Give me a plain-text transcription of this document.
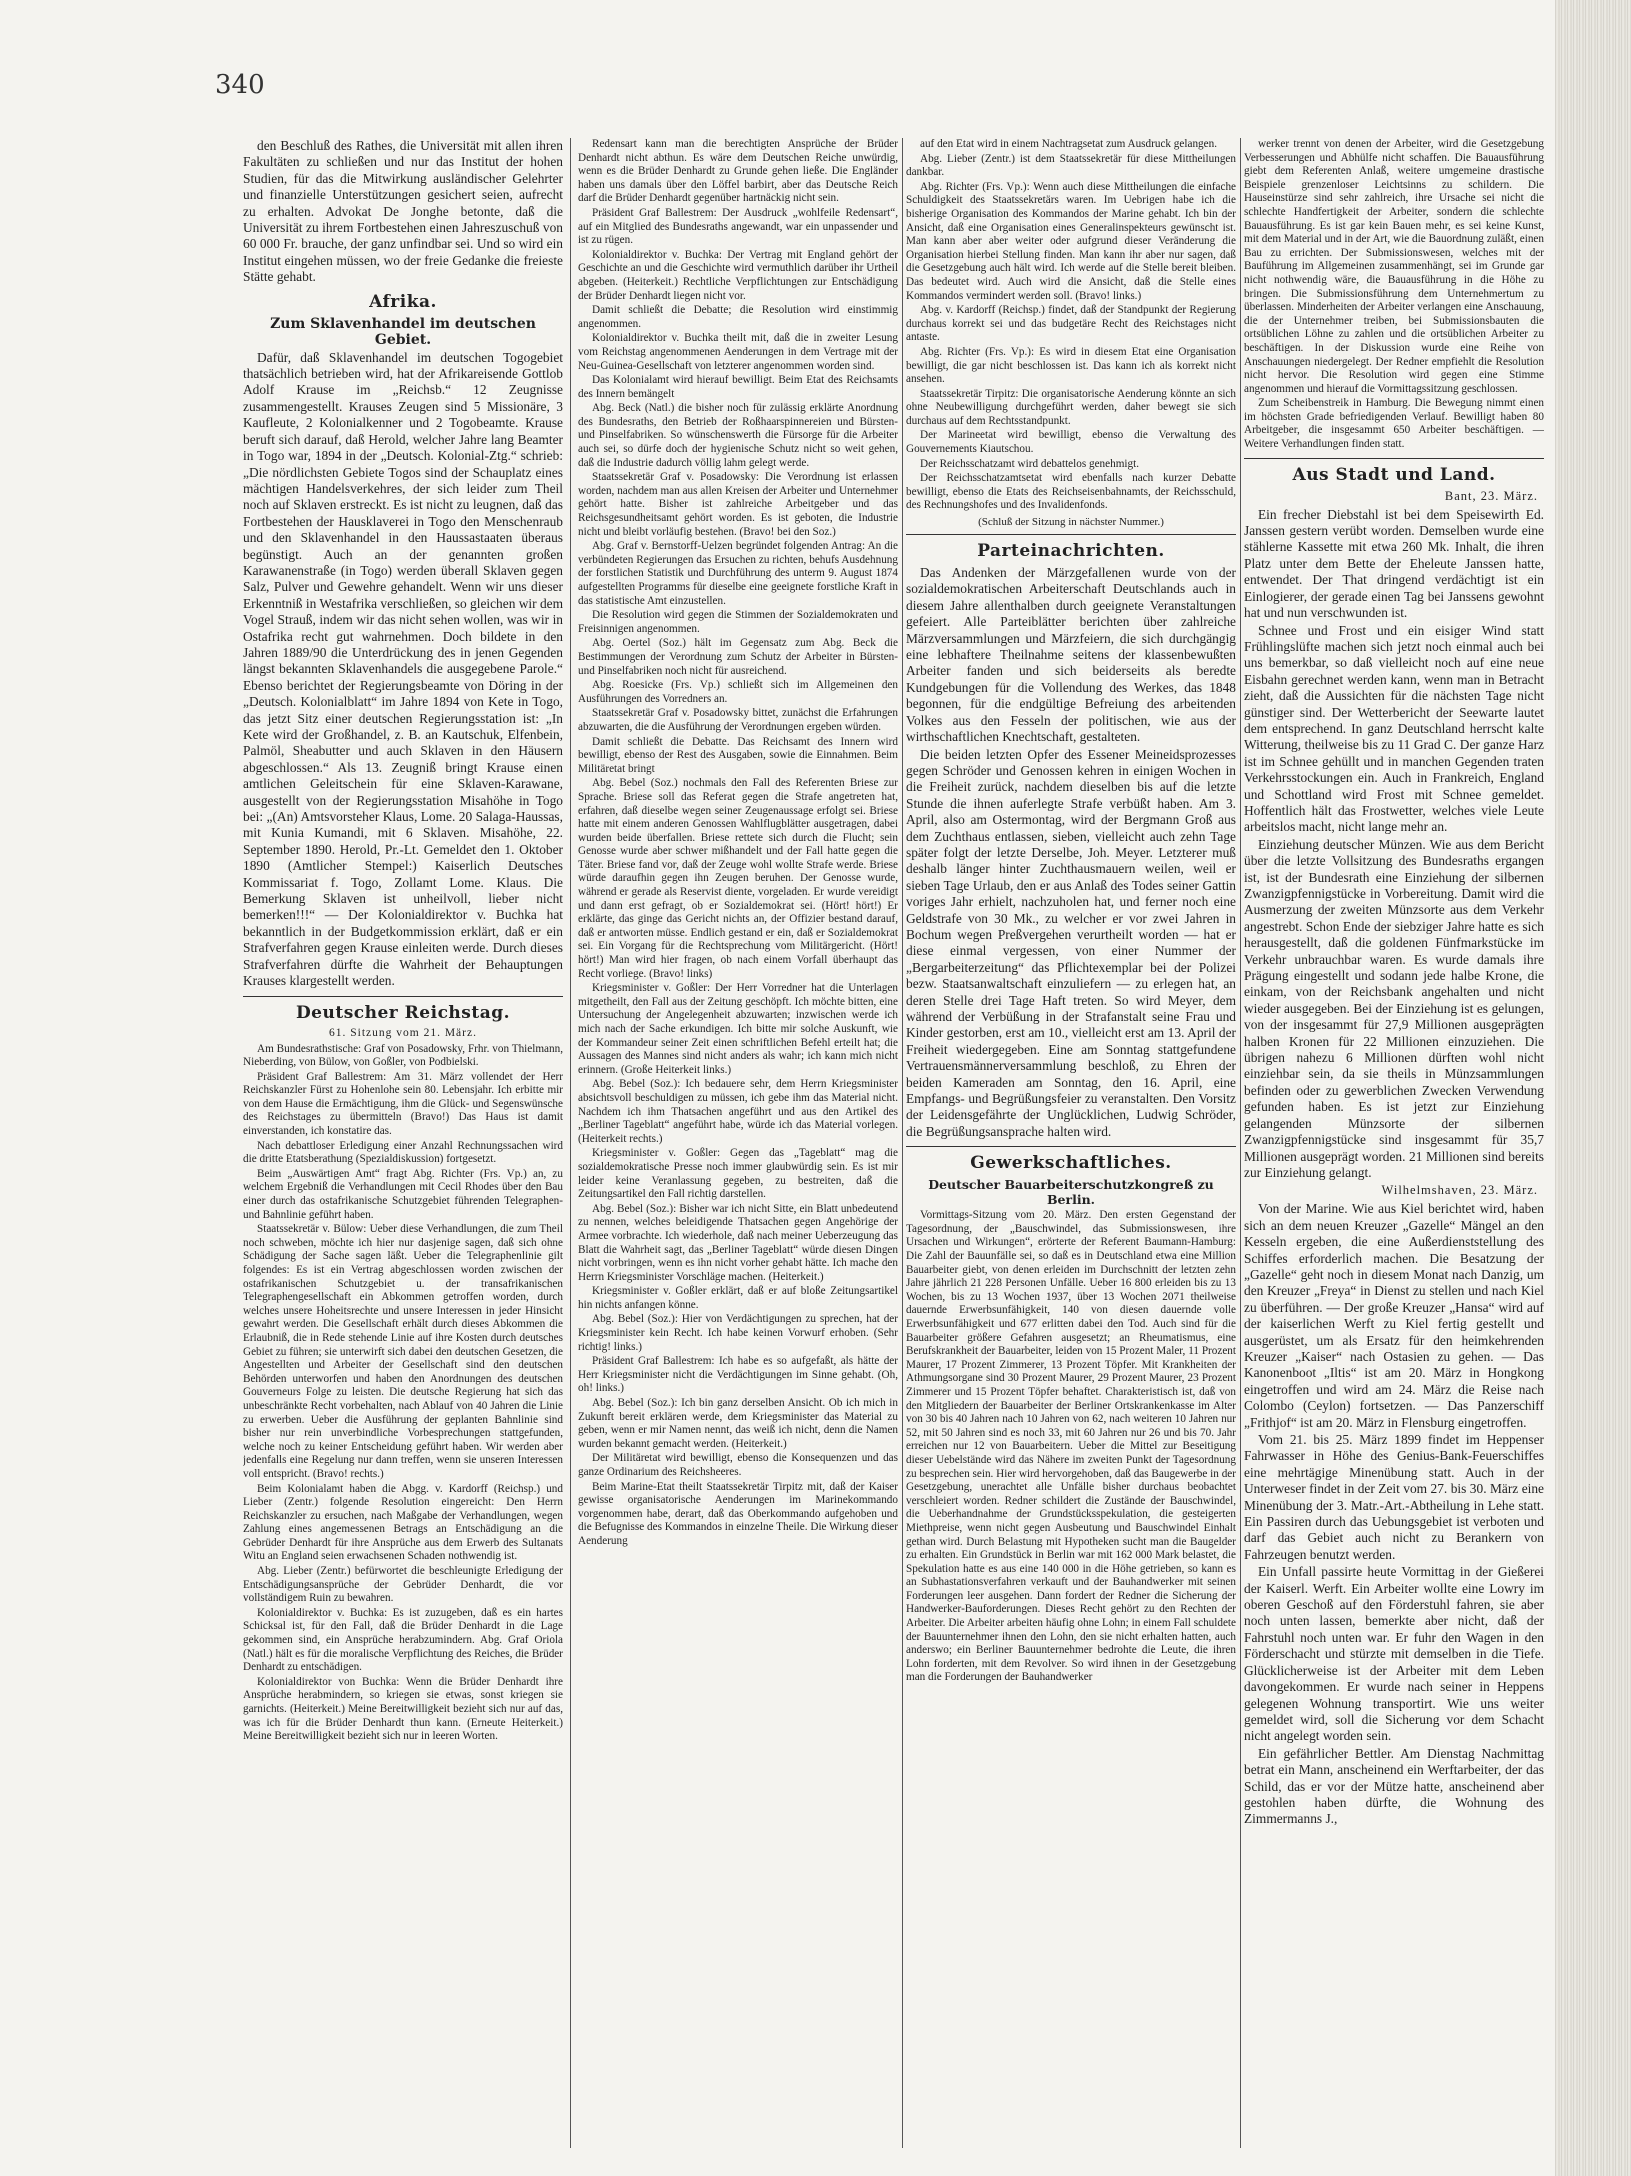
340

den Beschluß des Rathes, die Universität mit allen ihren Fakultäten zu schließen und nur das Institut der hohen Studien, für das die Mitwirkung ausländischer Gelehrter und finanzielle Unterstützungen gesichert seien, aufrecht zu erhalten. Advokat De Jonghe betonte, daß die Universität zu ihrem Fortbestehen einen Jahreszuschuß von 60 000 Fr. brauche, der ganz unfindbar sei. Und so wird ein Institut eingehen müssen, wo der freie Gedanke die freieste Stätte gehabt.

Afrika.
Zum Sklavenhandel im deutschen Gebiet.

Dafür, daß Sklavenhandel im deutschen Togogebiet thatsächlich betrieben wird, hat der Afrikareisende Gottlob Adolf Krause im „Reichsb.“ 12 Zeugnisse zusammengestellt. Krauses Zeugen sind 5 Missionäre, 3 Kaufleute, 2 Kolonialkenner und 2 Togobeamte. Krause beruft sich darauf, daß Herold, welcher Jahre lang Beamter in Togo war, 1894 in der „Deutsch. Kolonial-Ztg.“ schrieb: „Die nördlichsten Gebiete Togos sind der Schauplatz eines mächtigen Handelsverkehres, der sich leider zum Theil noch auf Sklaven erstreckt. Es ist nicht zu leugnen, daß das Fortbestehen der Hausklaverei in Togo den Menschenraub und den Sklavenhandel in den Haussastaaten überaus begünstigt. Auch an der genannten großen Karawanenstraße (in Togo) werden überall Sklaven gegen Salz, Pulver und Gewehre gehandelt. Wenn wir uns dieser Erkenntniß in Westafrika verschließen, so gleichen wir dem Vogel Strauß, indem wir das nicht sehen wollen, was wir in Ostafrika recht gut wahrnehmen. Doch bildete in den Jahren 1889/90 die Unterdrückung des in jenen Gegenden längst bekannten Sklavenhandels die ausgegebene Parole.“ Ebenso berichtet der Regierungsbeamte von Döring in der „Deutsch. Kolonialblatt“ im Jahre 1894 von Kete in Togo, das jetzt Sitz einer deutschen Regierungsstation ist: „In Kete wird der Großhandel, z. B. an Kautschuk, Elfenbein, Palmöl, Sheabutter und auch Sklaven in den Häusern abgeschlossen.“ Als 13. Zeugniß bringt Krause einen amtlichen Geleitschein für eine Sklaven-Karawane, ausgestellt von der Regierungsstation Misahöhe in Togo bei: „(An) Amtsvorsteher Klaus, Lome. 20 Salaga-Haussas, mit Kunia Kumandi, mit 6 Sklaven. Misahöhe, 22. September 1890. Herold, Pr.-Lt. Gemeldet den 1. Oktober 1890 (Amtlicher Stempel:) Kaiserlich Deutsches Kommissariat f. Togo, Zollamt Lome. Klaus. Die Bemerkung Sklaven ist unheilvoll, lieber nicht bemerken!!!“ — Der Kolonialdirektor v. Buchka hat bekanntlich in der Budgetkommission erklärt, daß er ein Strafverfahren gegen Krause einleiten werde. Durch dieses Strafverfahren dürfte die Wahrheit der Behauptungen Krauses klargestellt werden.

Deutscher Reichstag.
61. Sitzung vom 21. März.

Am Bundesrathstische: Graf von Posadowsky, Frhr. von Thielmann, Nieberding, von Bülow, von Goßler, von Podbielski.

Präsident Graf Ballestrem: Am 31. März vollendet der Herr Reichskanzler Fürst zu Hohenlohe sein 80. Lebensjahr. Ich erbitte mir von dem Hause die Ermächtigung, ihm die Glück- und Segenswünsche des Reichstages zu übermitteln (Bravo!) Das Haus ist damit einverstanden, ich konstatire das.

Nach debattloser Erledigung einer Anzahl Rechnungssachen wird die dritte Etatsberathung (Spezialdiskussion) fortgesetzt.

Beim „Auswärtigen Amt“ fragt Abg. Richter (Frs. Vp.) an, zu welchem Ergebniß die Verhandlungen mit Cecil Rhodes über den Bau einer durch das ostafrikanische Schutzgebiet führenden Telegraphen- und Bahnlinie geführt haben.

Staatssekretär v. Bülow: Ueber diese Verhandlungen, die zum Theil noch schweben, möchte ich hier nur dasjenige sagen, daß sich ohne Schädigung der Sache sagen läßt. Ueber die Telegraphenlinie gilt folgendes: Es ist ein Vertrag abgeschlossen worden zwischen der ostafrikanischen Schutzgebiet u. der transafrikanischen Telegraphengesellschaft ein Abkommen getroffen worden, durch welches unsere Hoheitsrechte und unsere Interessen in jeder Hinsicht gewahrt werden. Die Gesellschaft erhält durch dieses Abkommen die Erlaubniß, die in Rede stehende Linie auf ihre Kosten durch deutsches Gebiet zu führen; sie unterwirft sich dabei den deutschen Gesetzen, die Angestellten und Arbeiter der Gesellschaft sind den deutschen Behörden unterworfen und haben den Anordnungen des deutschen Gouverneurs Folge zu leisten. Die deutsche Regierung hat sich das unbeschränkte Recht vorbehalten, nach Ablauf von 40 Jahren die Linie zu erwerben. Ueber die Ausführung der geplanten Bahnlinie sind bisher nur rein unverbindliche Vorbesprechungen stattgefunden, welche noch zu keiner Entscheidung geführt haben. Wir werden aber jedenfalls eine Regelung nur dann treffen, wenn sie unseren Interessen voll entspricht. (Bravo! rechts.)

Beim Kolonialamt haben die Abgg. v. Kardorff (Reichsp.) und Lieber (Zentr.) folgende Resolution eingereicht: Den Herrn Reichskanzler zu ersuchen, nach Maßgabe der Verhandlungen, wegen Zahlung eines angemessenen Betrags an Entschädigung an die Gebrüder Denhardt für ihre Ansprüche aus dem Erwerb des Sultanats Witu an England seien erwachsenen Schaden nothwendig ist.

Abg. Lieber (Zentr.) befürwortet die beschleunigte Erledigung der Entschädigungsansprüche der Gebrüder Denhardt, die vor vollständigem Ruin zu bewahren.

Kolonialdirektor v. Buchka: Es ist zuzugeben, daß es ein hartes Schicksal ist, für den Fall, daß die Brüder Denhardt in die Lage gekommen sind, ein Ansprüche herabzumindern. Abg. Graf Oriola (Natl.) hält es für die moralische Verpflichtung des Reiches, die Brüder Denhardt zu entschädigen.

Kolonialdirektor von Buchka: Wenn die Brüder Denhardt ihre Ansprüche herabmindern, so kriegen sie etwas, sonst kriegen sie garnichts. (Heiterkeit.) Meine Bereitwilligkeit bezieht sich nur auf das, was ich für die Brüder Denhardt thun kann. (Erneute Heiterkeit.) Meine Bereitwilligkeit bezieht sich nur in leeren Worten.

Redensart kann man die berechtigten Ansprüche der Brüder Denhardt nicht abthun. Es wäre dem Deutschen Reiche unwürdig, wenn es die Brüder Denhardt zu Grunde gehen ließe. Die Engländer haben uns damals über den Löffel barbirt, aber das Deutsche Reich darf die Brüder Denhardt gegenüber hartnäckig nicht sein.

Präsident Graf Ballestrem: Der Ausdruck „wohlfeile Redensart“, auf ein Mitglied des Bundesraths angewandt, war ein unpassender und ist zu rügen.

Kolonialdirektor v. Buchka: Der Vertrag mit England gehört der Geschichte an und die Geschichte wird vermuthlich darüber ihr Urtheil abgeben. (Heiterkeit.) Rechtliche Verpflichtungen zur Entschädigung der Brüder Denhardt liegen nicht vor.

Damit schließt die Debatte; die Resolution wird einstimmig angenommen.

Kolonialdirektor v. Buchka theilt mit, daß die in zweiter Lesung vom Reichstag angenommenen Aenderungen in dem Vertrage mit der Neu-Guinea-Gesellschaft von letzterer angenommen worden sind.

Das Kolonialamt wird hierauf bewilligt. Beim Etat des Reichsamts des Innern bemängelt

Abg. Beck (Natl.) die bisher noch für zulässig erklärte Anordnung des Bundesraths, den Betrieb der Roßhaarspinnereien und Bürsten- und Pinselfabriken. So wünschenswerth die Fürsorge für die Arbeiter auch sei, so dürfe doch der hygienische Schutz nicht so weit gehen, daß die Industrie dadurch völlig lahm gelegt werde.

Staatssekretär Graf v. Posadowsky: Die Verordnung ist erlassen worden, nachdem man aus allen Kreisen der Arbeiter und Unternehmer gehört hatte. Bisher ist zahlreiche Arbeitgeber und das Reichsgesundheitsamt gehört worden. Es ist geboten, die Industrie nicht und bleibt vorläufig bestehen. (Bravo! bei den Soz.)

Abg. Graf v. Bernstorff-Uelzen begründet folgenden Antrag: An die verbündeten Regierungen das Ersuchen zu richten, behufs Ausdehnung der forstlichen Statistik und Durchführung des unterm 9. August 1874 aufgestellten Programms für dieselbe eine geeignete forstliche Kraft in das statistische Amt einzustellen.

Die Resolution wird gegen die Stimmen der Sozialdemokraten und Freisinnigen angenommen.

Abg. Oertel (Soz.) hält im Gegensatz zum Abg. Beck die Bestimmungen der Verordnung zum Schutz der Arbeiter in Bürsten- und Pinselfabriken noch nicht für ausreichend.

Abg. Roesicke (Frs. Vp.) schließt sich im Allgemeinen den Ausführungen des Vorredners an.

Staatssekretär Graf v. Posadowsky bittet, zunächst die Erfahrungen abzuwarten, die die Ausführung der Verordnungen ergeben würden.

Damit schließt die Debatte. Das Reichsamt des Innern wird bewilligt, ebenso der Rest des Ausgaben, sowie die Einnahmen. Beim Militäretat bringt

Abg. Bebel (Soz.) nochmals den Fall des Referenten Briese zur Sprache. Briese soll das Referat gegen die Strafe angetreten hat, erfahren, daß dieselbe wegen seiner Zeugenaussage erfolgt sei. Briese hatte mit einem anderen Genossen Wahlflugblätter ausgetragen, dabei wurden beide überfallen. Briese rettete sich durch die Flucht; sein Genosse wurde aber schwer mißhandelt und der Fall hatte gegen die Täter. Briese fand vor, daß der Zeuge wohl wollte Strafe werde. Briese würde daraufhin gegen ihn Zeugen beruhen. Der Genosse wurde, während er gerade als Reservist diente, vorgeladen. Er wurde vereidigt und dann erst gefragt, ob er Sozialdemokrat sei. (Hört! hört!) Er erklärte, das ginge das Gericht nichts an, der Offizier bestand darauf, daß er antworten müsse. Endlich gestand er ein, daß er Sozialdemokrat sei. Ein Vorgang für die Rechtsprechung vom Militärgericht. (Hört! hört!) Man wird hier fragen, ob nach einem Vorfall überhaupt das Recht vorliege. (Bravo! links)

Kriegsminister v. Goßler: Der Herr Vorredner hat die Unterlagen mitgetheilt, den Fall aus der Zeitung geschöpft. Ich möchte bitten, eine Untersuchung der Angelegenheit abzuwarten; inzwischen werde ich mich nach der Sache erkundigen. Ich bitte mir solche Auskunft, wie der Kommandeur seiner Zeit einen schriftlichen Befehl erteilt hat; die Aussagen des Mannes sind nicht anders als wahr; ich kann mich nicht erinnern. (Große Heiterkeit links.)

Abg. Bebel (Soz.): Ich bedauere sehr, dem Herrn Kriegsminister absichtsvoll beschuldigen zu müssen, ich gebe ihm das Material nicht. Nachdem ich ihm Thatsachen angeführt und aus den Artikel des „Berliner Tageblatt“ angeführt habe, würde ich das Material vorlegen. (Heiterkeit rechts.)

Kriegsminister v. Goßler: Gegen das „Tageblatt“ mag die sozialdemokratische Presse noch immer glaubwürdig sein. Es ist mir leider keine Veranlassung gegeben, zu bestreiten, daß die Zeitungsartikel den Fall richtig darstellen.

Abg. Bebel (Soz.): Bisher war ich nicht Sitte, ein Blatt unbedeutend zu nennen, welches beleidigende Thatsachen gegen Angehörige der Armee vorbrachte. Ich wiederhole, daß nach meiner Ueberzeugung das Blatt die Wahrheit sagt, das „Berliner Tageblatt“ würde diesen Dingen nicht vorbringen, wenn es ihn nicht vorher gehabt hätte. Ich mache den Herrn Kriegsminister Vorschläge machen. (Heiterkeit.)

Kriegsminister v. Goßler erklärt, daß er auf bloße Zeitungsartikel hin nichts anfangen könne.

Abg. Bebel (Soz.): Hier von Verdächtigungen zu sprechen, hat der Kriegsminister kein Recht. Ich habe keinen Vorwurf erhoben. (Sehr richtig! links.)

Präsident Graf Ballestrem: Ich habe es so aufgefaßt, als hätte der Herr Kriegsminister nicht die Verdächtigungen im Sinne gehabt. (Oh, oh! links.)

Abg. Bebel (Soz.): Ich bin ganz derselben Ansicht. Ob ich mich in Zukunft bereit erklären werde, dem Kriegsminister das Material zu geben, wenn er mir Namen nennt, das weiß ich nicht, denn die Namen wurden bekannt gemacht werden. (Heiterkeit.)

Der Militäretat wird bewilligt, ebenso die Konsequenzen und das ganze Ordinarium des Reichsheeres.

Beim Marine-Etat theilt Staatssekretär Tirpitz mit, daß der Kaiser gewisse organisatorische Aenderungen im Marinekommando vorgenommen habe, derart, daß das Oberkommando aufgehoben und die Befugnisse des Kommandos in einzelne Theile. Die Wirkung dieser Aenderung

auf den Etat wird in einem Nachtragsetat zum Ausdruck gelangen.

Abg. Lieber (Zentr.) ist dem Staatssekretär für diese Mittheilungen dankbar.

Abg. Richter (Frs. Vp.): Wenn auch diese Mittheilungen die einfache Schuldigkeit des Staatssekretärs waren. Im Uebrigen habe ich die bisherige Organisation des Kommandos der Marine gehabt. Ich bin der Ansicht, daß eine Organisation eines Generalinspekteurs gewünscht ist. Man kann aber aber weiter oder aufgrund dieser Veränderung die Organisation hierbei Stellung finden. Man kann ihr aber nur sagen, daß die Gesetzgebung auch hält wird. Ich werde auf die Stelle bereit bleiben. Das bedeutet wird. Auch wird die Ansicht, daß die Stelle eines Kommandos vermindert werden soll. (Bravo! links.)

Abg. v. Kardorff (Reichsp.) findet, daß der Standpunkt der Regierung durchaus korrekt sei und das budgetäre Recht des Reichstages nicht antaste.

Abg. Richter (Frs. Vp.): Es wird in diesem Etat eine Organisation bewilligt, die gar nicht beschlossen ist. Das kann ich als korrekt nicht ansehen.

Staatssekretär Tirpitz: Die organisatorische Aenderung könnte an sich ohne Neubewilligung durchgeführt werden, daher bewegt sie sich durchaus auf dem Rechtsstandpunkt.

Der Marineetat wird bewilligt, ebenso die Verwaltung des Gouvernements Kiautschou.

Der Reichsschatzamt wird debattelos genehmigt.

Der Reichsschatzamtsetat wird ebenfalls nach kurzer Debatte bewilligt, ebenso die Etats des Reichseisenbahnamts, der Reichsschuld, des Rechnungshofes und des Invalidenfonds.

(Schluß der Sitzung in nächster Nummer.)
Parteinachrichten.

Das Andenken der Märzgefallenen wurde von der sozialdemokratischen Arbeiterschaft Deutschlands auch in diesem Jahre allenthalben durch geeignete Veranstaltungen gefeiert. Alle Parteiblätter berichten über zahlreiche Märzversammlungen und Märzfeiern, die sich durchgängig eine lebhaftere Theilnahme seitens der klassenbewußten Arbeiter fanden und sich beiderseits als beredte Kundgebungen für die Vollendung des Werkes, das 1848 begonnen, für die endgültige Befreiung des arbeitenden Volkes aus den Fesseln der politischen, wie aus der wirthschaftlichen Knechtschaft, gestalteten.

Die beiden letzten Opfer des Essener Meineidsprozesses gegen Schröder und Genossen kehren in einigen Wochen in die Freiheit zurück, nachdem dieselben bis auf die letzte Stunde die ihnen auferlegte Strafe verbüßt haben. Am 3. April, also am Ostermontag, wird der Bergmann Groß aus dem Zuchthaus entlassen, sieben, vielleicht auch zehn Tage später folgt der letzte Derselbe, Joh. Meyer. Letzterer muß deshalb länger hinter Zuchthausmauern weilen, weil er sieben Tage Urlaub, den er aus Anlaß des Todes seiner Gattin voriges Jahr erhielt, nachzuholen hat, und ferner noch eine Geldstrafe von 30 Mk., zu welcher er vor zwei Jahren in Bochum wegen Preßvergehen verurtheilt worden — hat er diese einmal vergessen, von einer Nummer der „Bergarbeiterzeitung“ das Pflichtexemplar bei der Polizei bezw. Staatsanwaltschaft einzuliefern — zu erlegen hat, an deren Stelle drei Tage Haft treten. So wird Meyer, dem während der Verbüßung in der Strafanstalt seine Frau und Kinder gestorben, erst am 10., vielleicht erst am 13. April der Freiheit wiedergegeben. Eine am Sonntag stattgefundene Vertrauensmännerversammlung beschloß, zu Ehren der beiden Kameraden am Sonntag, den 16. April, eine Empfangs- und Begrüßungsfeier zu veranstalten. Den Vorsitz der Leidensgefährte der Unglücklichen, Ludwig Schröder, die Begrüßungsansprache halten wird.

Gewerkschaftliches.
Deutscher Bauarbeiterschutzkongreß zu Berlin.

Vormittags-Sitzung vom 20. März. Den ersten Gegenstand der Tagesordnung, der „Bauschwindel, das Submissionswesen, ihre Ursachen und Wirkungen“, erörterte der Referent Baumann-Hamburg: Die Zahl der Bauunfälle sei, so daß es in Deutschland etwa eine Million Bauarbeiter giebt, von denen erleiden im Durchschnitt der letzten zehn Jahre jährlich 21 228 Personen Unfälle. Ueber 16 800 erleiden bis zu 13 Wochen, bis zu 13 Wochen 1937, über 13 Wochen 2071 theilweise dauernde Erwerbsunfähigkeit, 140 von diesen dauernde volle Erwerbsunfähigkeit und 677 erlitten dabei den Tod. Auch sind für die Bauarbeiter größere Gefahren ausgesetzt; an Rheumatismus, eine Berufskrankheit der Bauarbeiter, leiden von 15 Prozent Maler, 11 Prozent Maurer, 17 Prozent Zimmerer, 13 Prozent Töpfer. Mit Krankheiten der Athmungsorgane sind 30 Prozent Maurer, 29 Prozent Maurer, 23 Prozent Zimmerer und 15 Prozent Töpfer behaftet. Charakteristisch ist, daß von den Mitgliedern der Bauarbeiter der Berliner Ortskrankenkasse im Alter von 30 bis 40 Jahren nach 10 Jahren von 62, nach weiteren 10 Jahren nur 52, mit 50 Jahren sind es noch 33, mit 60 Jahren nur 26 und bis 70. Jahr erreichen nur 12 von Bauarbeitern. Ueber die Mittel zur Beseitigung dieser Uebelstände wird das Nähere im zweiten Punkt der Tagesordnung zu besprechen sein. Hier wird hervorgehoben, daß das Baugewerbe in der Gesetzgebung, unerachtet alle Unfälle bisher durchaus beobachtet verschleiert worden. Redner schildert die Zustände der Bauschwindel, die Ueberhandnahme der Grundstücksspekulation, die gesteigerten Miethpreise, wenn nicht gegen Ausbeutung und Bauschwindel Einhalt gethan wird. Durch Belastung mit Hypotheken sucht man die Baugelder zu erhalten. Ein Grundstück in Berlin war mit 162 000 Mark belastet, die Spekulation hatte es aus eine 140 000 in die Höhe getrieben, so kann es an Subhastationsverfahren verkauft und der Bauhandwerker mit seinen Forderungen leer ausgehen. Dann fordert der Redner die Sicherung der Handwerker-Bauforderungen. Dieses Recht gehört zu den Rechten der Arbeiter. Die Arbeiter arbeiten häufig ohne Lohn; in einem Fall schuldete der Bauunternehmer ihnen den Lohn, den sie nicht erhalten hatten, auch anderswo; ein Berliner Bauunternehmer bedrohte die Leute, die ihren Lohn forderten, mit dem Revolver. So wird ihnen in der Gesetzgebung man die Forderungen der Bauhandwerker

werker trennt von denen der Arbeiter, wird die Gesetzgebung Verbesserungen und Abhülfe nicht schaffen. Die Bauausführung giebt dem Referenten Anlaß, weitere umgemeine drastische Beispiele grenzenloser Leichtsinns zu schildern. Die Hauseinstürze sind sehr zahlreich, ihre Ursache sei nicht die schlechte Handfertigkeit der Arbeiter, sondern die schlechte Bauausführung. Es ist gar kein Bauen mehr, es sei keine Kunst, mit dem Material und in der Art, wie die Bauordnung zuläßt, einen Bau zu errichten. Der Submissionswesen, welches mit der Bauführung im Allgemeinen zusammenhängt, sei im Grunde gar nicht nothwendig wäre, die Bauausführung in die Höhe zu bringen. Die Submissionsführung dem Unternehmertum zu überlassen. Minderheiten der Arbeiter verlangen eine Anschauung, die der Unternehmer treiben, bei Submissionsbauten die ortsüblichen Löhne zu zahlen und die ortsüblichen Arbeiter zu beschäftigen. In der Diskussion wurde eine Reihe von Anschauungen niedergelegt. Der Redner empfiehlt die Resolution nicht hervor. Die Resolution wird gegen eine Stimme angenommen und hierauf die Vormittagssitzung geschlossen.

Zum Scheibenstreik in Hamburg. Die Bewegung nimmt einen im höchsten Grade befriedigenden Verlauf. Bewilligt haben 80 Arbeitgeber, die insgesammt 650 Arbeiter beschäftigen. — Weitere Verhandlungen finden statt.

Aus Stadt und Land.
Bant, 23. März.

Ein frecher Diebstahl ist bei dem Speisewirth Ed. Janssen gestern verübt worden. Demselben wurde eine stählerne Kassette mit etwa 260 Mk. Inhalt, die ihren Platz unter dem Bette der Eheleute Janssen hatte, entwendet. Der That dringend verdächtigt ist ein Einlogierer, der gerade einen Tag bei Janssens gewohnt hat und nun verschwunden ist.

Schnee und Frost und ein eisiger Wind statt Frühlingslüfte machen sich jetzt noch einmal auch bei uns bemerkbar, so daß vielleicht noch auf eine neue Eisbahn gerechnet werden kann, wenn man in Betracht zieht, daß die Aussichten für die nächsten Tage nicht günstiger sind. Der Wetterbericht der Seewarte lautet dem entsprechend. In ganz Deutschland herrscht kalte Witterung, theilweise bis zu 11 Grad C. Der ganze Harz ist im Schnee gehüllt und in manchen Gegenden traten Verkehrsstockungen ein. Auch in Frankreich, England und Schottland wird Frost mit Schnee gemeldet. Hoffentlich hält das Frostwetter, welches viele Leute arbeitslos macht, nicht lange mehr an.

Einziehung deutscher Münzen. Wie aus dem Bericht über die letzte Vollsitzung des Bundesraths ergangen ist, ist der Bundesrath eine Einziehung der silbernen Zwanzigpfennigstücke in Vorbereitung. Damit wird die Ausmerzung der zweiten Münzsorte aus dem Verkehr angestrebt. Schon Ende der siebziger Jahre hatte es sich herausgestellt, daß die goldenen Fünfmarkstücke im Verkehr unbrauchbar waren. Es wurde damals ihre Prägung eingestellt und sodann jede halbe Krone, die einkam, von der Reichsbank angehalten und nicht wieder ausgegeben. Bei der Einziehung ist es gelungen, von der insgesammt für 27,9 Millionen ausgeprägten halben Kronen für 22 Millionen einzuziehen. Die übrigen nahezu 6 Millionen dürften wohl nicht einziehbar sein, da sie theils in Münzsammlungen befinden oder zu gewerblichen Zwecken Verwendung gefunden haben. Es ist jetzt zur Einziehung gelangenden Münzsorte der silbernen Zwanzigpfennigstücke sind insgesammt für 35,7 Millionen ausgeprägt worden. 21 Millionen sind bereits zur Einziehung gelangt.

Wilhelmshaven, 23. März.

Von der Marine. Wie aus Kiel berichtet wird, haben sich an dem neuen Kreuzer „Gazelle“ Mängel an den Kesseln ergeben, die eine Außerdienststellung des Schiffes erforderlich machen. Die Besatzung der „Gazelle“ geht noch in diesem Monat nach Danzig, um den Kreuzer „Freya“ in Dienst zu stellen und nach Kiel zu überführen. — Der große Kreuzer „Hansa“ wird auf der kaiserlichen Werft zu Kiel fertig gestellt und ausgerüstet, um als Ersatz für den heimkehrenden Kreuzer „Kaiser“ nach Ostasien zu gehen. — Das Kanonenboot „Iltis“ ist am 20. März in Hongkong eingetroffen und wird am 24. März die Reise nach Colombo (Ceylon) fortsetzen. — Das Panzerschiff „Frithjof“ ist am 20. März in Flensburg eingetroffen.

Vom 21. bis 25. März 1899 findet im Heppenser Fahrwasser in Höhe des Genius-Bank-Feuerschiffes eine mehrtägige Minenübung statt. Auch in der Unterweser findet in der Zeit vom 27. bis 30. März eine Minenübung der 3. Matr.-Art.-Abtheilung in Lehe statt. Ein Passiren durch das Uebungsgebiet ist verboten und darf das Gebiet auch nicht zu Berankern von Fahrzeugen benutzt werden.

Ein Unfall passirte heute Vormittag in der Gießerei der Kaiserl. Werft. Ein Arbeiter wollte eine Lowry im oberen Geschoß auf den Förderstuhl fahren, sie aber noch unten lassen, bemerkte aber nicht, daß der Fahrstuhl noch unten war. Er fuhr den Wagen in den Förderschacht und stürzte mit demselben in die Tiefe. Glücklicherweise ist der Arbeiter mit dem Leben davongekommen. Er wurde nach seiner in Heppens gelegenen Wohnung transportirt. Wie uns weiter gemeldet wird, soll die Sicherung vor dem Schacht nicht angelegt worden sein.

Ein gefährlicher Bettler. Am Dienstag Nachmittag betrat ein Mann, anscheinend ein Werftarbeiter, der das Schild, das er vor der Mütze hatte, anscheinend aber gestohlen haben dürfte, die Wohnung des Zimmermanns J.,
